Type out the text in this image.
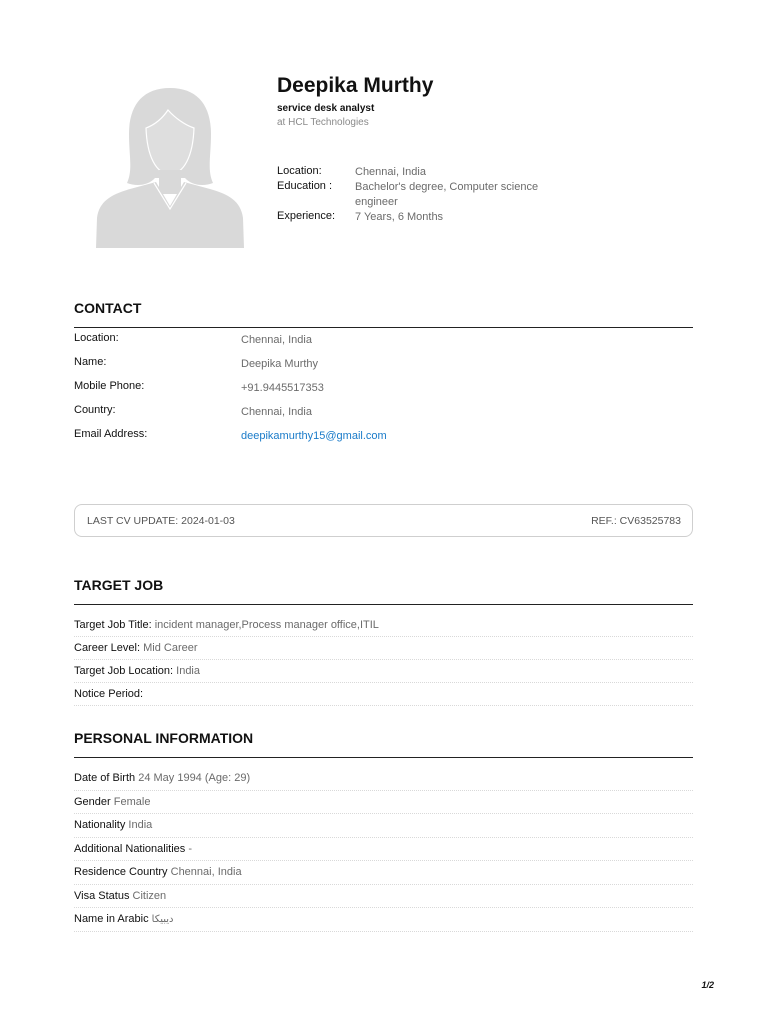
Deepika Murthy
service desk analyst
at HCL Technologies
Location:	Chennai, India
Education :	Bachelor's degree, Computer science engineer
Experience:	7 Years, 6 Months
CONTACT
Location:	Chennai, India
Name:	Deepika Murthy
Mobile Phone:	+91.9445517353
Country:	Chennai, India
Email Address:	deepikamurthy15@gmail.com
LAST CV UPDATE: 2024-01-03	REF.: CV63525783
TARGET JOB
Target Job Title: incident manager,Process manager office,ITIL
Career Level: Mid Career
Target Job Location: India
Notice Period:
PERSONAL INFORMATION
Date of Birth 24 May 1994 (Age: 29)
Gender Female
Nationality India
Additional Nationalities -
Residence Country Chennai, India
Visa Status Citizen
Name in Arabic ديبيكا
1/2
